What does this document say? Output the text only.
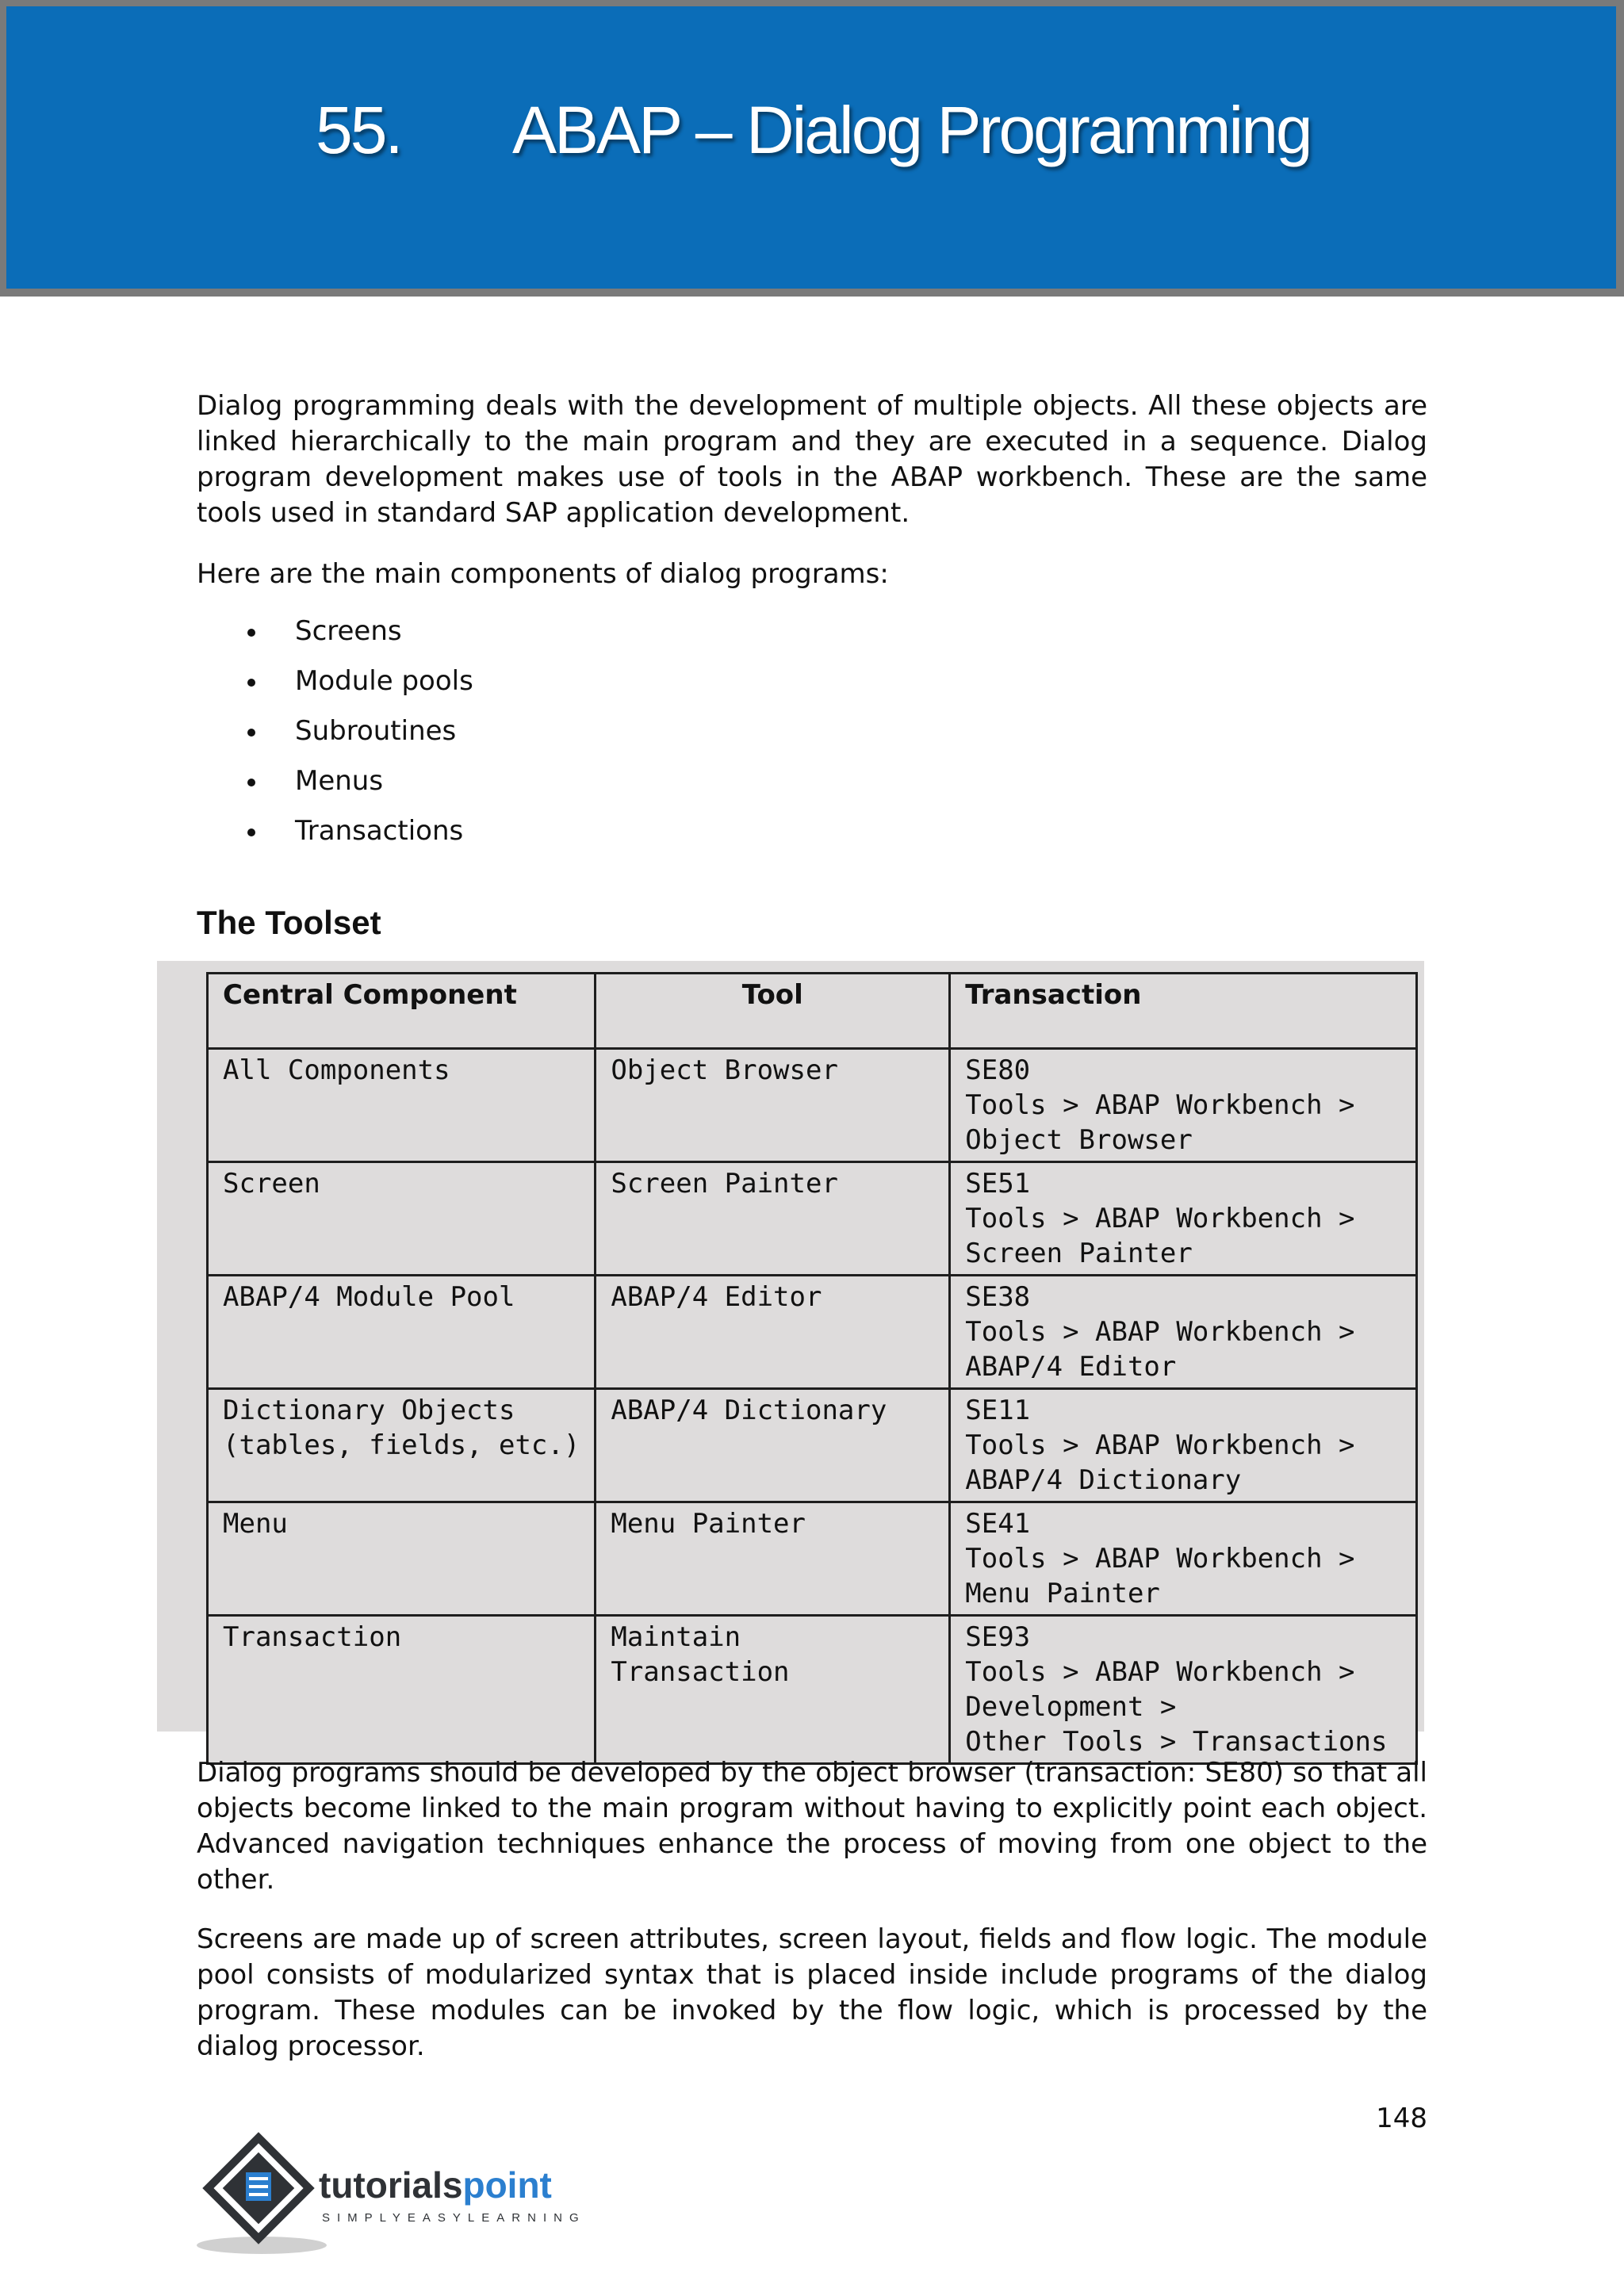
55. ABAP – Dialog Programming

Dialog programming deals with the development of multiple objects. All these objects are linked hierarchically to the main program and they are executed in a sequence. Dialog program development makes use of tools in the ABAP workbench. These are the same tools used in standard SAP application development.

Here are the main components of dialog programs:

Screens
Module pools
Subroutines
Menus
Transactions
The Toolset
Central Component	Tool	Transaction

All Components	Object Browser	SE80
Tools > ABAP Workbench >
Object Browser

Screen	Screen Painter	SE51
Tools > ABAP Workbench >
Screen Painter

ABAP/4 Module Pool	ABAP/4 Editor	SE38
Tools > ABAP Workbench >
ABAP/4 Editor

Dictionary Objects
(tables, fields, etc.)	ABAP/4 Dictionary	SE11
Tools > ABAP Workbench >
ABAP/4 Dictionary

Menu	Menu Painter	SE41
Tools > ABAP Workbench >
Menu Painter

Transaction	Maintain Transaction	SE93
Tools > ABAP Workbench >
Development >
Other Tools > Transactions

Dialog programs should be developed by the object browser (transaction: SE80) so that all objects become linked to the main program without having to explicitly point each object. Advanced navigation techniques enhance the process of moving from one object to the other.

Screens are made up of screen attributes, screen layout, fields and flow logic. The module pool consists of modularized syntax that is placed inside include programs of the dialog program. These modules can be invoked by the flow logic, which is processed by the dialog processor.

148
tutorialspoint
SIMPLYEASYLEARNING
